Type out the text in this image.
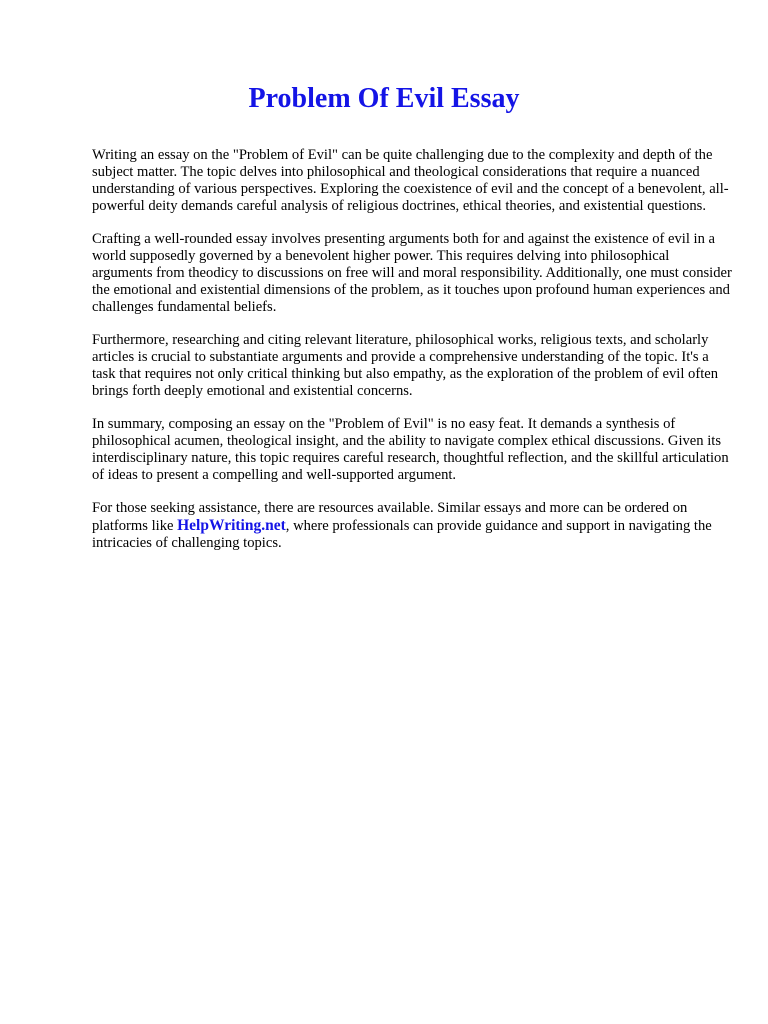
Problem Of Evil Essay

Writing an essay on the "Problem of Evil" can be quite challenging due to the complexity and depth of the subject matter. The topic delves into philosophical and theological considerations that require a nuanced understanding of various perspectives. Exploring the coexistence of evil and the concept of a benevolent, all-powerful deity demands careful analysis of religious doctrines, ethical theories, and existential questions.

Crafting a well-rounded essay involves presenting arguments both for and against the existence of evil in a world supposedly governed by a benevolent higher power. This requires delving into philosophical arguments from theodicy to discussions on free will and moral responsibility. Additionally, one must consider the emotional and existential dimensions of the problem, as it touches upon profound human experiences and challenges fundamental beliefs.

Furthermore, researching and citing relevant literature, philosophical works, religious texts, and scholarly articles is crucial to substantiate arguments and provide a comprehensive understanding of the topic. It's a task that requires not only critical thinking but also empathy, as the exploration of the problem of evil often brings forth deeply emotional and existential concerns.

In summary, composing an essay on the "Problem of Evil" is no easy feat. It demands a synthesis of philosophical acumen, theological insight, and the ability to navigate complex ethical discussions. Given its interdisciplinary nature, this topic requires careful research, thoughtful reflection, and the skillful articulation of ideas to present a compelling and well-supported argument.

For those seeking assistance, there are resources available. Similar essays and more can be ordered on platforms like HelpWriting.net, where professionals can provide guidance and support in navigating the intricacies of challenging topics.
